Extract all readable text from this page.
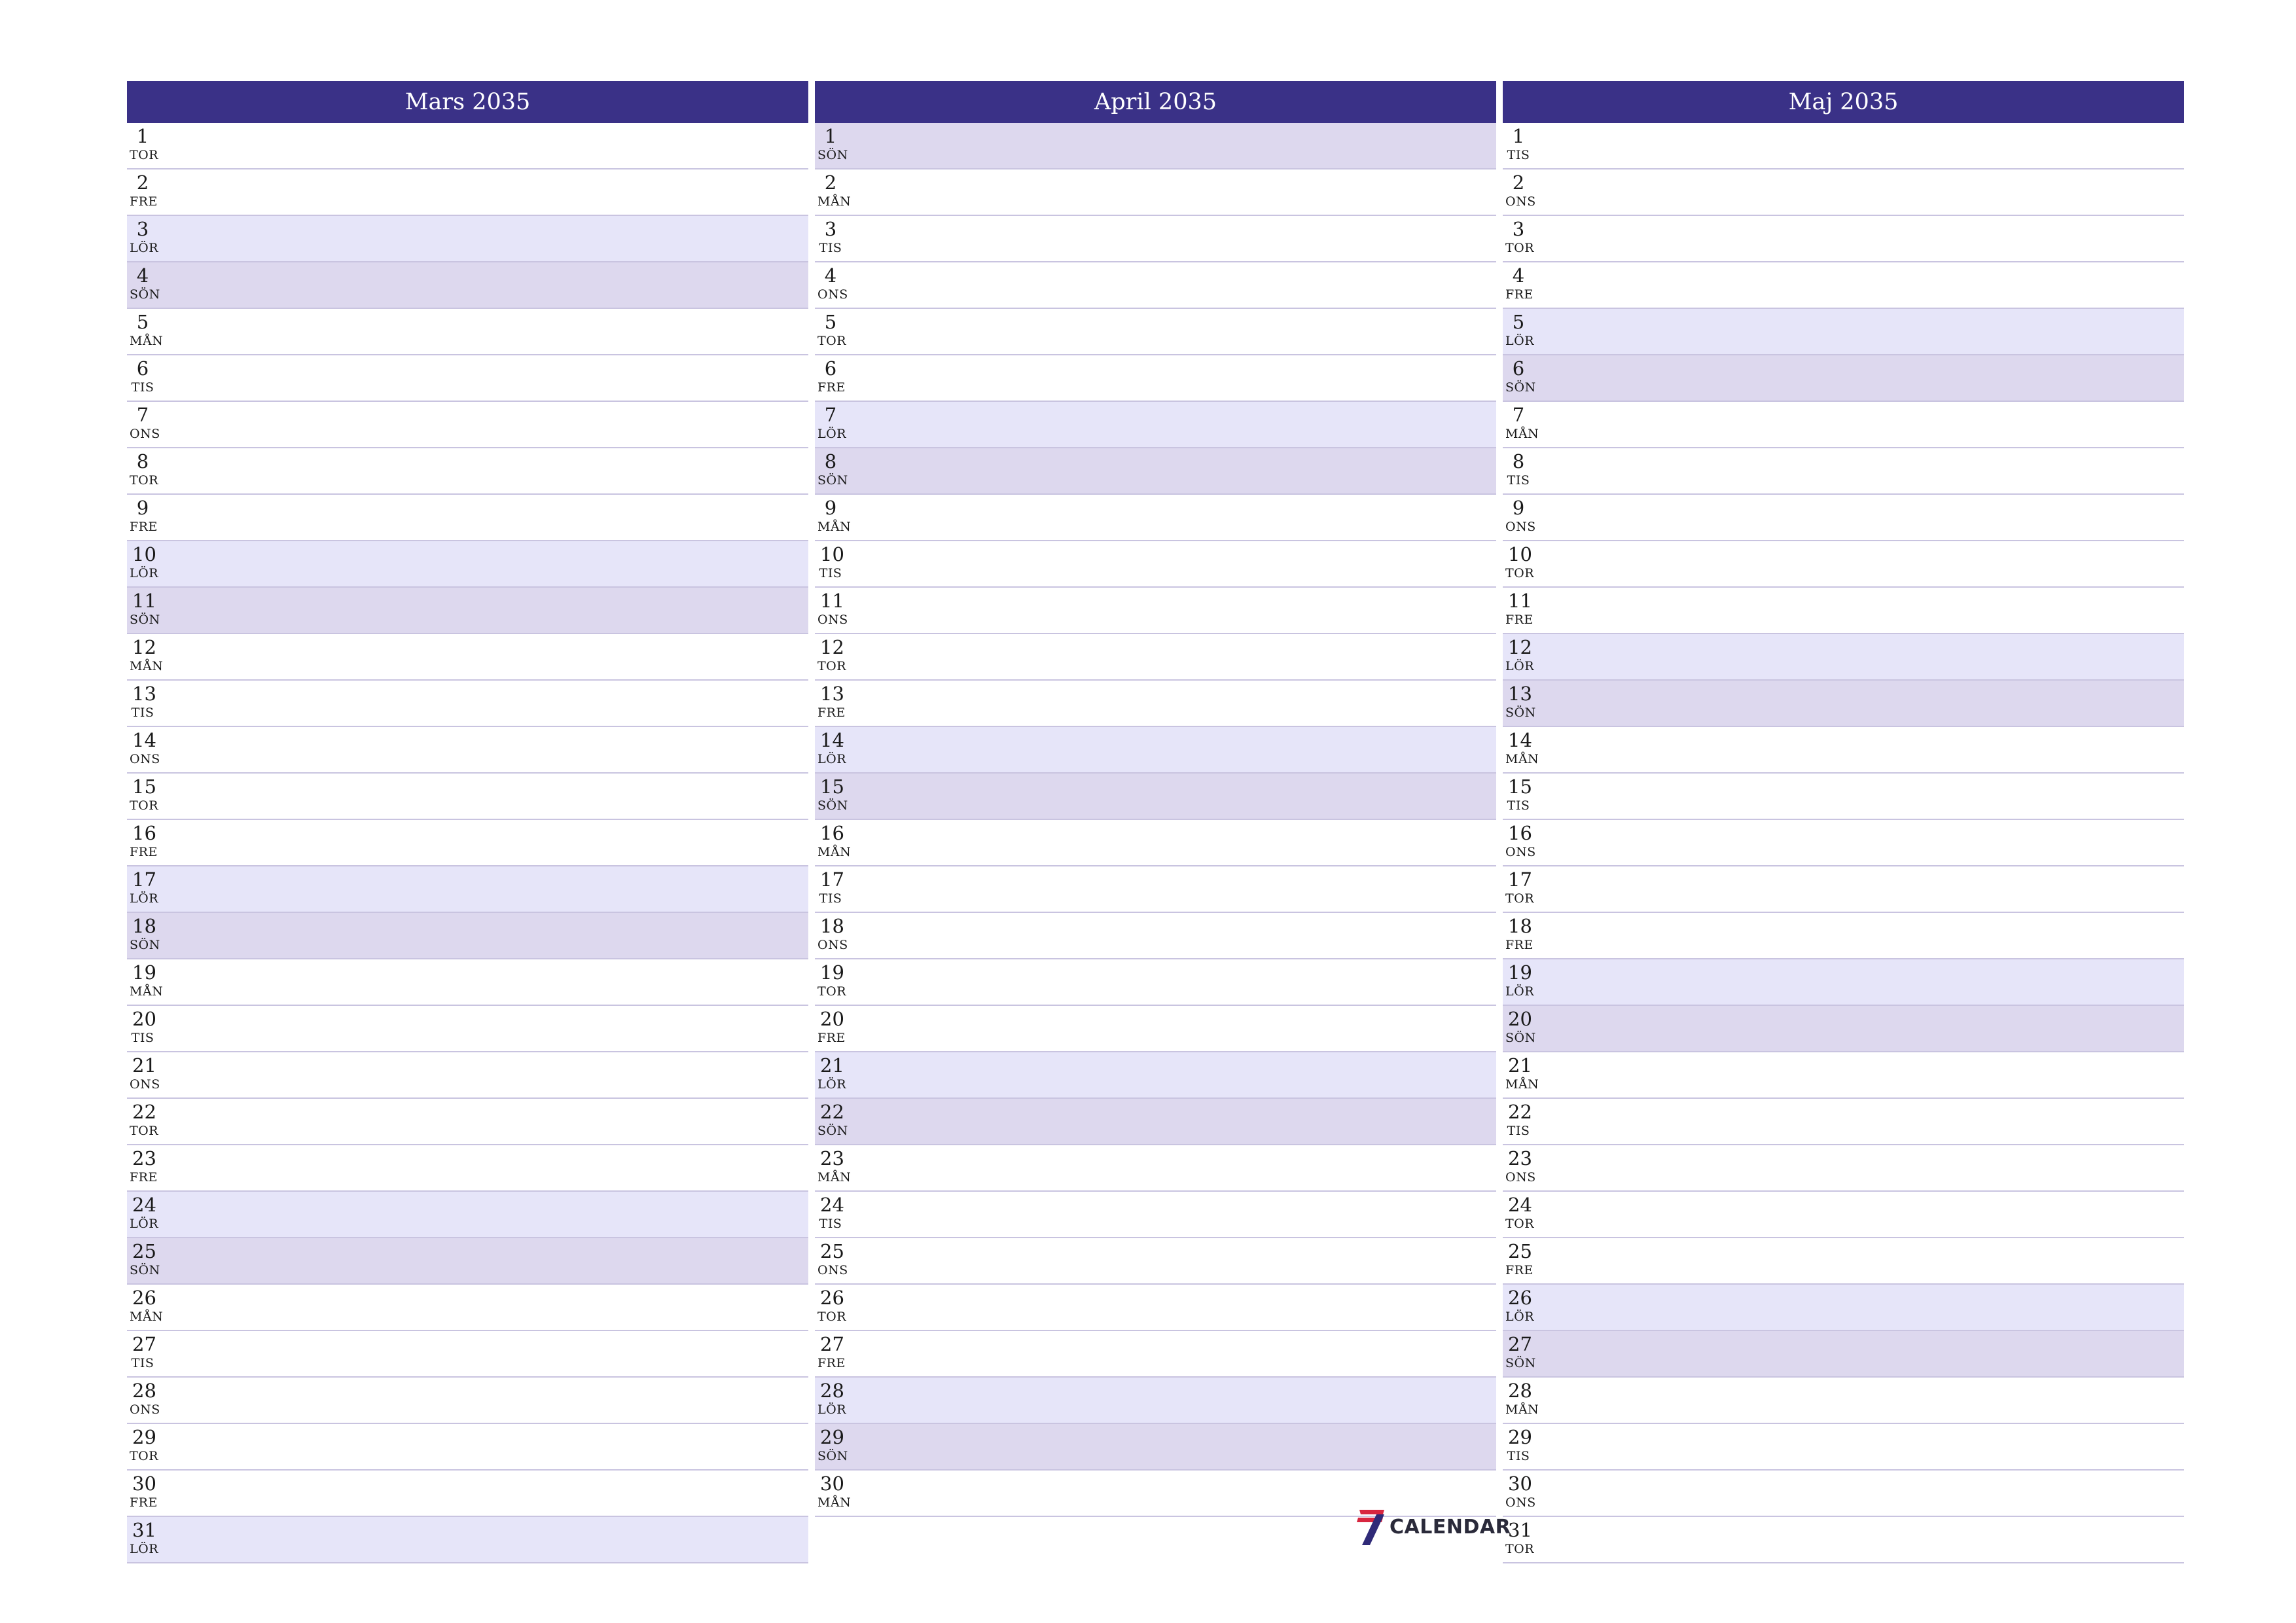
Mars 2035
1
TOR
2
FRE
3
LÖR
4
SÖN
5
MÅN
6
TIS
7
ONS
8
TOR
9
FRE
10
LÖR
11
SÖN
12
MÅN
13
TIS
14
ONS
15
TOR
16
FRE
17
LÖR
18
SÖN
19
MÅN
20
TIS
21
ONS
22
TOR
23
FRE
24
LÖR
25
SÖN
26
MÅN
27
TIS
28
ONS
29
TOR
30
FRE
31
LÖR
April 2035
1
SÖN
2
MÅN
3
TIS
4
ONS
5
TOR
6
FRE
7
LÖR
8
SÖN
9
MÅN
10
TIS
11
ONS
12
TOR
13
FRE
14
LÖR
15
SÖN
16
MÅN
17
TIS
18
ONS
19
TOR
20
FRE
21
LÖR
22
SÖN
23
MÅN
24
TIS
25
ONS
26
TOR
27
FRE
28
LÖR
29
SÖN
30
MÅN
Maj 2035
1
TIS
2
ONS
3
TOR
4
FRE
5
LÖR
6
SÖN
7
MÅN
8
TIS
9
ONS
10
TOR
11
FRE
12
LÖR
13
SÖN
14
MÅN
15
TIS
16
ONS
17
TOR
18
FRE
19
LÖR
20
SÖN
21
MÅN
22
TIS
23
ONS
24
TOR
25
FRE
26
LÖR
27
SÖN
28
MÅN
29
TIS
30
ONS
31
TOR
CALENDAR
